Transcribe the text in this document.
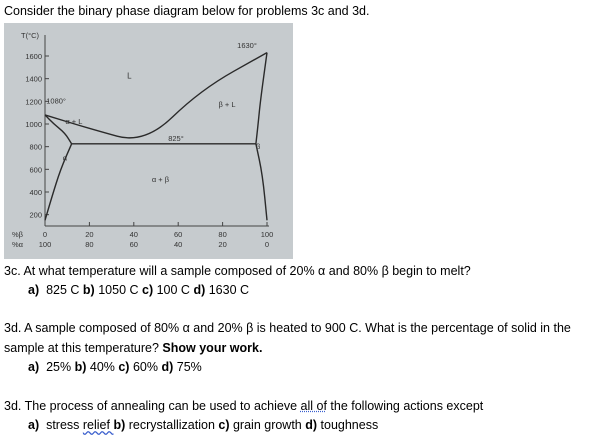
Consider the binary phase diagram below for problems 3c and 3d.
T(°C)
200
400
600
800
1000
1200
1400
1600
0
100
20
80
40
60
60
40
80
20
100
0
%β
%α
1080°
1630°
825°
L
α + L
β + L
α
β
α + β
3c. At what temperature will a sample composed of 20% α and 80% β begin to melt?
a) 825 C b) 1050 C c) 100 C d) 1630 C
3d. A sample composed of 80% α and 20% β is heated to 900 C. What is the percentage of solid in the
sample at this temperature? Show your work.
a) 25% b) 40% c) 60% d) 75%
3d. The process of annealing can be used to achieve all of the following actions except
a) stress relief b) recrystallization c) grain growth d) toughness
